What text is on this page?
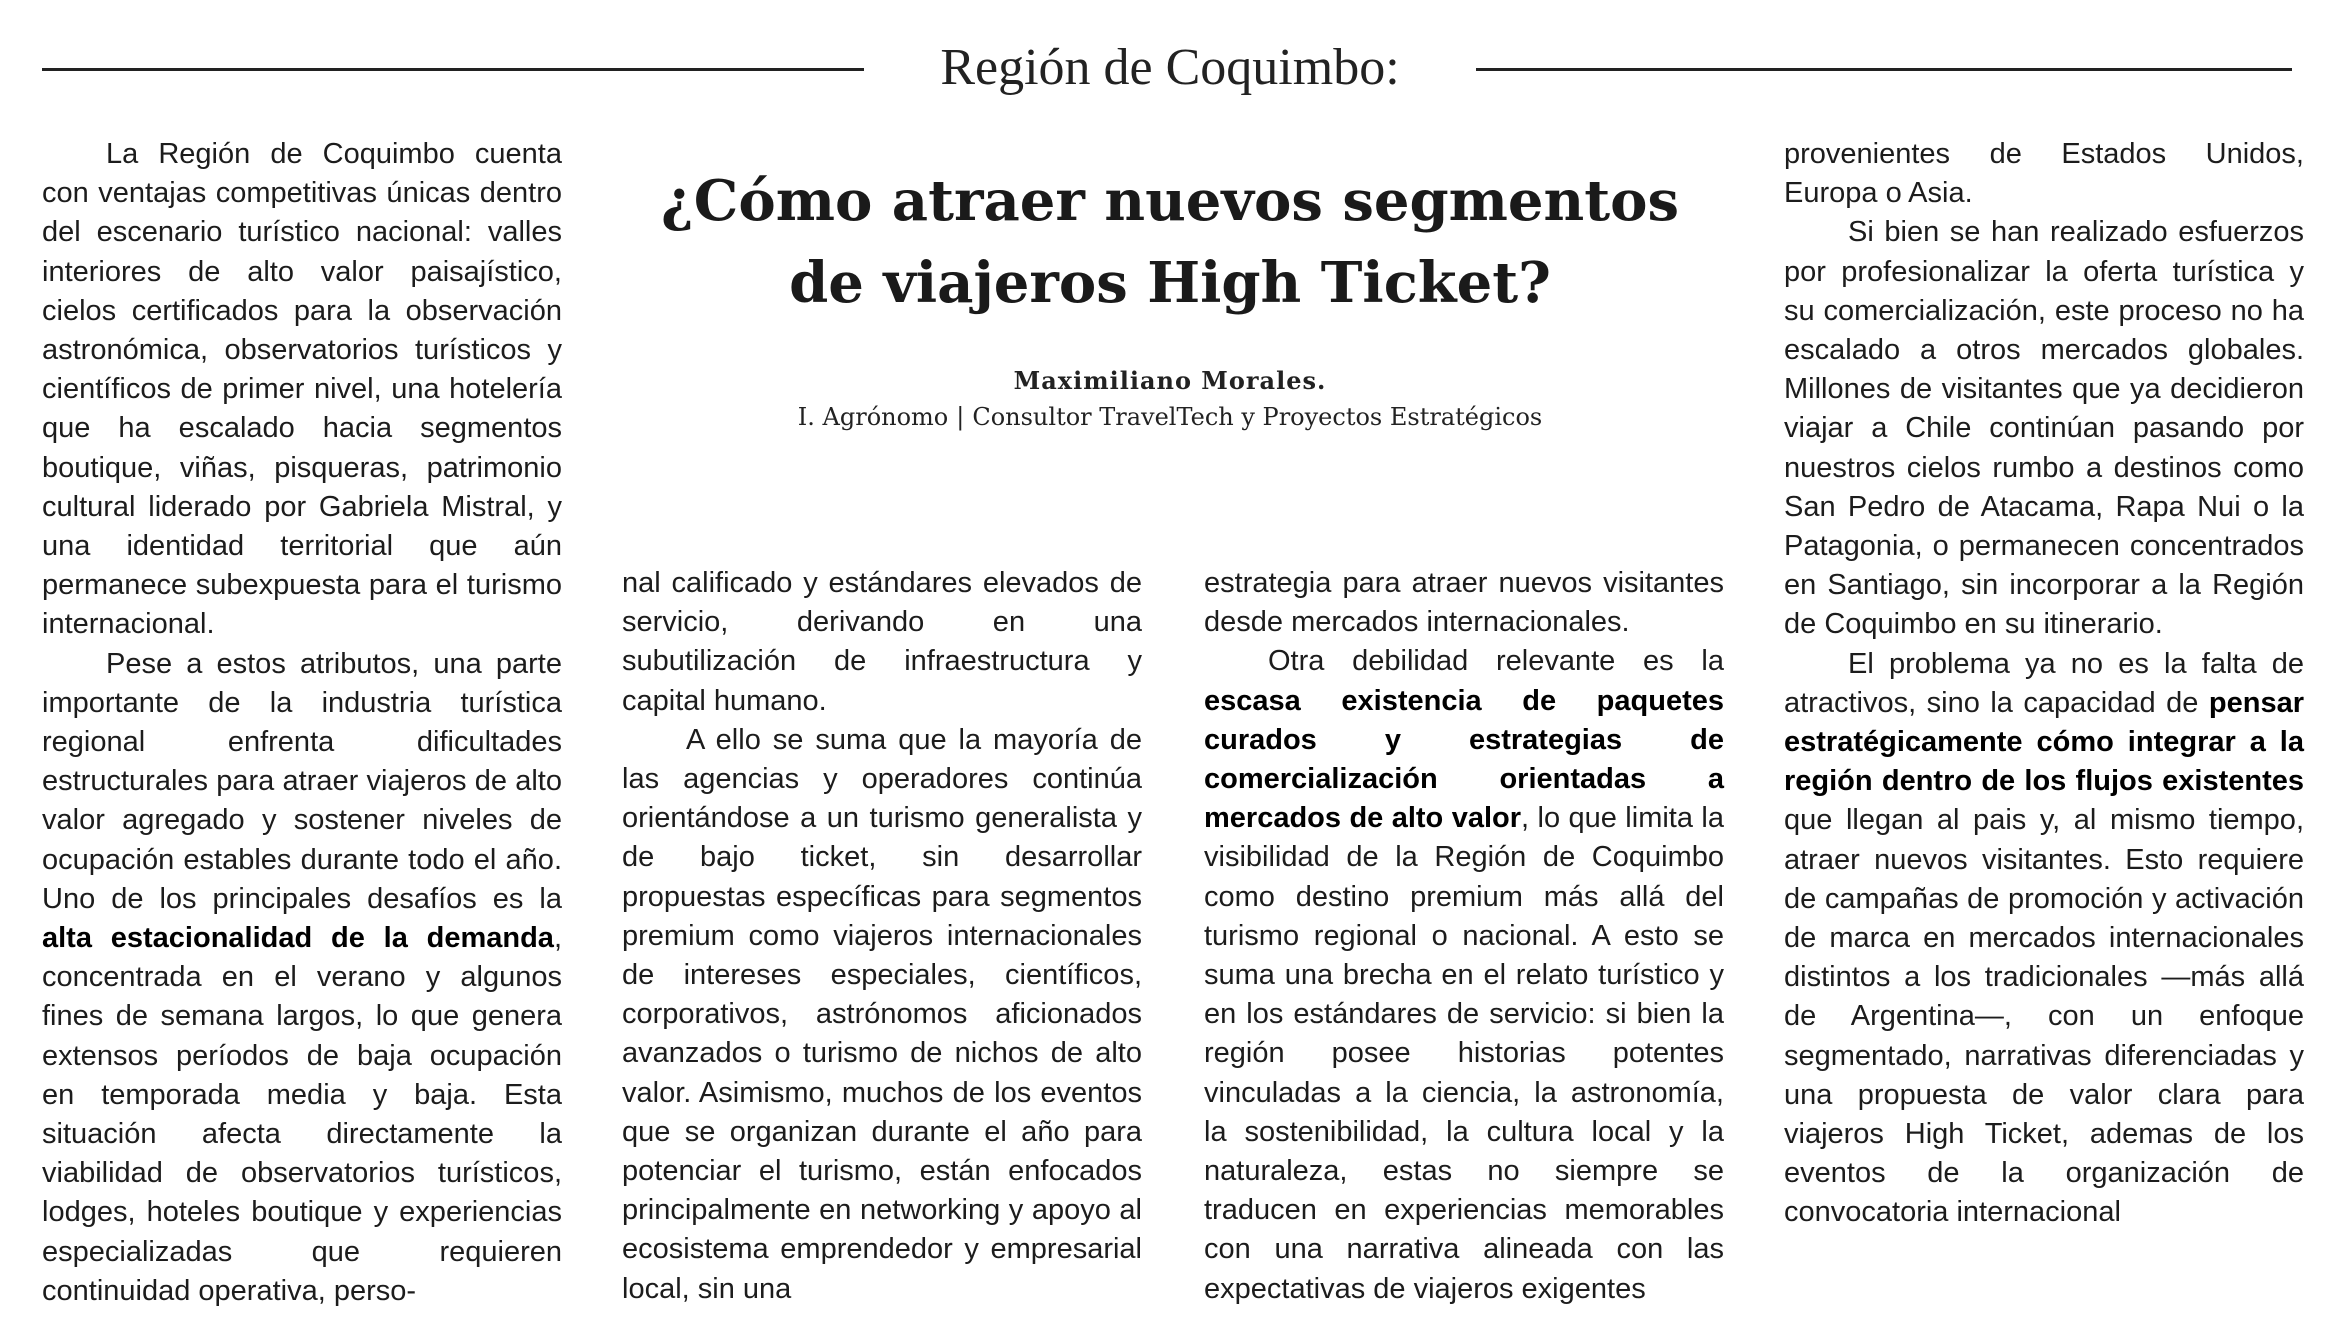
Región de Coquimbo:

La Región de Coquimbo cuenta con ventajas competitivas únicas dentro del escenario turístico nacional: valles interiores de alto valor paisajístico, cielos certificados para la observación astronómica, observatorios turísticos y científicos de primer nivel, una hotelería que ha escalado hacia segmentos boutique, viñas, pisqueras, patrimonio cultural liderado por Gabriela Mistral, y una identidad territorial que aún permanece subexpuesta para el turismo internacional.

Pese a estos atributos, una parte importante de la industria turística regional enfrenta dificultades estructurales para atraer viajeros de alto valor agregado y sostener niveles de ocupación estables durante todo el año. Uno de los principales desafíos es la alta estacionalidad de la demanda, concentrada en el verano y algunos fines de semana largos, lo que genera extensos períodos de baja ocupación en temporada media y baja. Esta situación afecta directamente la viabilidad de observatorios turísticos, lodges, hoteles boutique y experiencias especializadas que requieren continuidad operativa, perso-

¿Cómo atraer nuevos segmentos
de viajeros High Ticket?
Maximiliano Morales.
I. Agrónomo | Consultor TravelTech y Proyectos Estratégicos

nal calificado y estándares elevados de servicio, derivando en una subutilización de infraestructura y capital humano.

A ello se suma que la mayoría de las agencias y operadores continúa orientándose a un turismo generalista y de bajo ticket, sin desarrollar propuestas específicas para segmentos premium como viajeros internacionales de intereses especiales, científicos, corporativos, astrónomos aficionados avanzados o turismo de nichos de alto valor. Asimismo, muchos de los eventos que se organizan durante el año para potenciar el turismo, están enfocados principalmente en networking y apoyo al ecosistema emprendedor y empresarial local, sin una

estrategia para atraer nuevos visitantes desde mercados internacionales.

Otra debilidad relevante es la escasa existencia de paquetes curados y estrategias de comercialización orientadas a mercados de alto valor, lo que limita la visibilidad de la Región de Coquimbo como destino premium más allá del turismo regional o nacional. A esto se suma una brecha en el relato turístico y en los estándares de servicio: si bien la región posee historias potentes vinculadas a la ciencia, la astronomía, la sostenibilidad, la cultura local y la naturaleza, estas no siempre se traducen en experiencias memorables con una narrativa alineada con las expectativas de viajeros exigentes

provenientes de Estados Unidos, Europa o Asia.

Si bien se han realizado esfuerzos por profesionalizar la oferta turística y su comercialización, este proceso no ha escalado a otros mercados globales. Millones de visitantes que ya decidieron viajar a Chile continúan pasando por nuestros cielos rumbo a destinos como San Pedro de Atacama, Rapa Nui o la Patagonia, o permanecen concentrados en Santiago, sin incorporar a la Región de Coquimbo en su itinerario.

El problema ya no es la falta de atractivos, sino la capacidad de pensar estratégicamente cómo integrar a la región dentro de los flujos existentes que llegan al pais y, al mismo tiempo, atraer nuevos visitantes. Esto requiere de campañas de promoción y activación de marca en mercados internacionales distintos a los tradicionales —más allá de Argentina—, con un enfoque segmentado, narrativas diferenciadas y una propuesta de valor clara para viajeros High Ticket, ademas de los eventos de la organización de convocatoria internacional
